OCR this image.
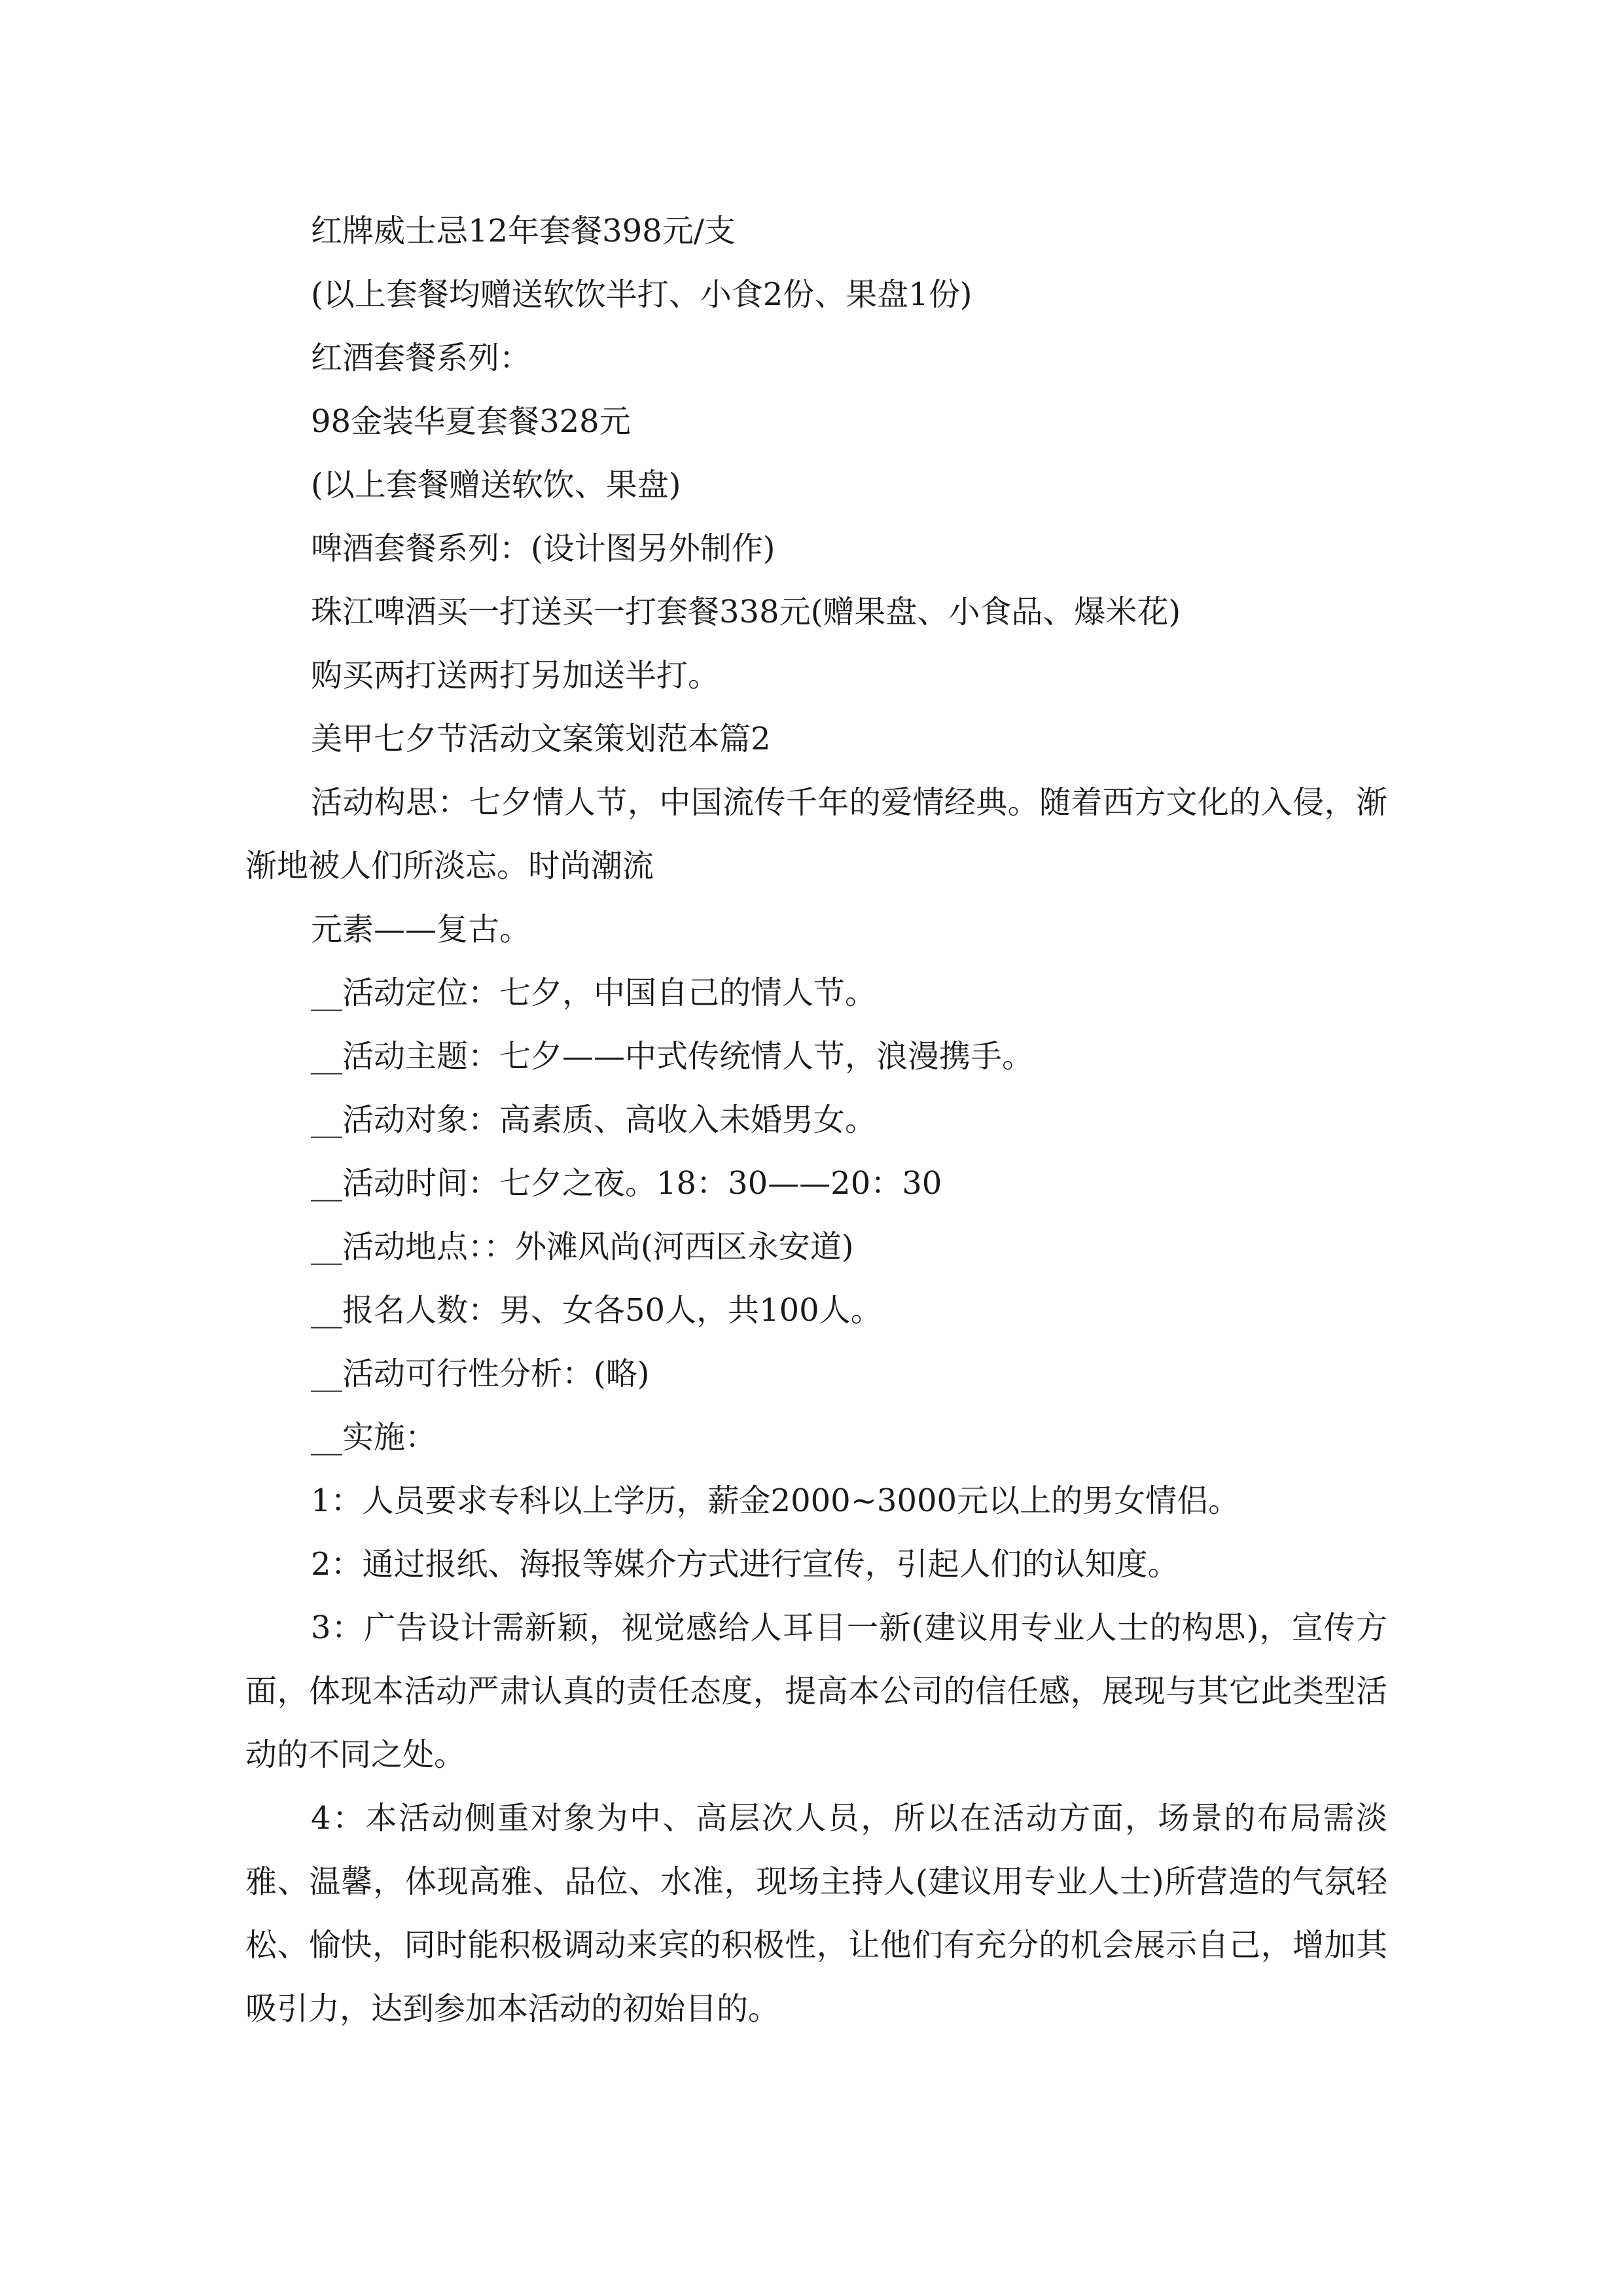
红牌威士忌12年套餐398元/支

(以上套餐均赠送软饮半打、小食2份、果盘1份)

红酒套餐系列：

98金装华夏套餐328元

(以上套餐赠送软饮、果盘)

啤酒套餐系列：(设计图另外制作)

珠江啤酒买一打送买一打套餐338元(赠果盘、小食品、爆米花)

购买两打送两打另加送半打。

美甲七夕节活动文案策划范本篇2

活动构思：七夕情人节，中国流传千年的爱情经典。随着西方文化的入侵，渐渐地被人们所淡忘。时尚潮流

元素——复古。

__活动定位：七夕，中国自己的情人节。

__活动主题：七夕——中式传统情人节，浪漫携手。

__活动对象：高素质、高收入未婚男女。

__活动时间：七夕之夜。18：30——20：30

__活动地点：：外滩风尚(河西区永安道)

__报名人数：男、女各50人，共100人。

__活动可行性分析：(略)

__实施：

1：人员要求专科以上学历，薪金2000~3000元以上的男女情侣。

2：通过报纸、海报等媒介方式进行宣传，引起人们的认知度。

3：广告设计需新颖，视觉感给人耳目一新(建议用专业人士的构思)，宣传方面，体现本活动严肃认真的责任态度，提高本公司的信任感，展现与其它此类型活动的不同之处。

4：本活动侧重对象为中、高层次人员，所以在活动方面，场景的布局需淡雅、温馨，体现高雅、品位、水准，现场主持人(建议用专业人士)所营造的气氛轻松、愉快，同时能积极调动来宾的积极性，让他们有充分的机会展示自己，增加其吸引力，达到参加本活动的初始目的。
